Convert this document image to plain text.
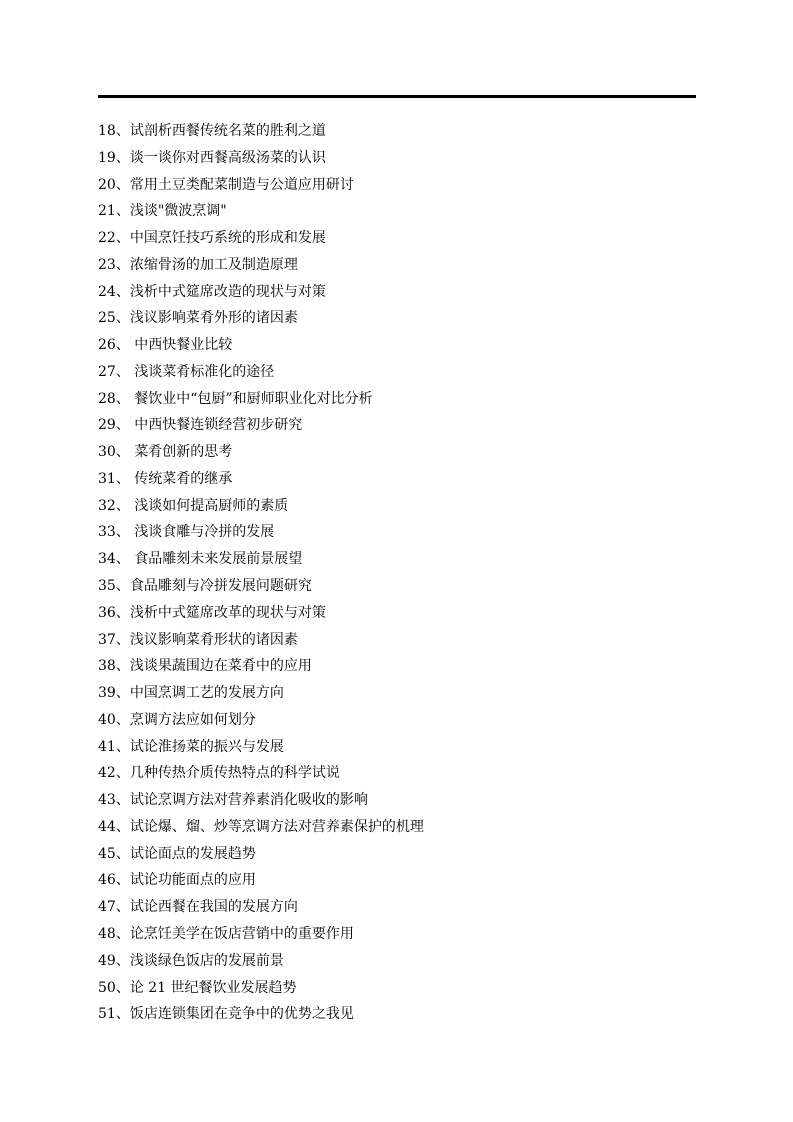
18、试剖析西餐传统名菜的胜利之道
19、谈一谈你对西餐高级汤菜的认识
20、常用土豆类配菜制造与公道应用研讨
21、浅谈"微波烹调"
22、中国烹饪技巧系统的形成和发展
23、浓缩骨汤的加工及制造原理
24、浅析中式筵席改造的现状与对策
25、浅议影响菜肴外形的诸因素
26、 中西快餐业比较
27、 浅谈菜肴标准化的途径
28、 餐饮业中“包厨”和厨师职业化对比分析
29、 中西快餐连锁经营初步研究
30、 菜肴创新的思考
31、 传统菜肴的继承
32、 浅谈如何提高厨师的素质
33、 浅谈食雕与冷拼的发展
34、 食品雕刻未来发展前景展望
35、食品雕刻与冷拼发展问题研究
36、浅析中式筵席改革的现状与对策
37、浅议影响菜肴形状的诸因素
38、浅谈果蔬围边在菜肴中的应用
39、中国烹调工艺的发展方向
40、烹调方法应如何划分
41、试论淮扬菜的振兴与发展
42、几种传热介质传热特点的科学试说
43、试论烹调方法对营养素消化吸收的影响
44、试论爆、熘、炒等烹调方法对营养素保护的机理
45、试论面点的发展趋势
46、试论功能面点的应用
47、试论西餐在我国的发展方向
48、论烹饪美学在饭店营销中的重要作用
49、浅谈绿色饭店的发展前景
50、论 21 世纪餐饮业发展趋势
51、饭店连锁集团在竞争中的优势之我见
